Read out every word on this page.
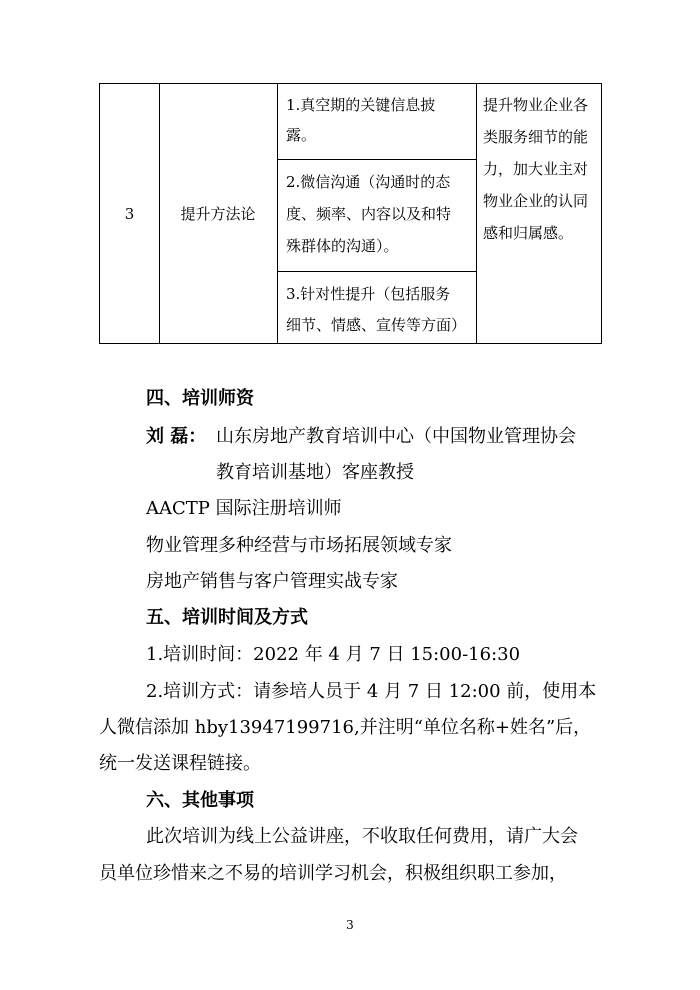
3	提升方法论
1.真空期的关键信息披
露。
2.微信沟通（沟通时的态
度、频率、内容以及和特
殊群体的沟通）。
3.针对性提升（包括服务
细节、情感、宣传等方面）
提升物业企业各
类服务细节的能
力，加大业主对
物业企业的认同
感和归属感。
四、培训师资
刘 磊： 山东房地产教育培训中心（中国物业管理协会
教育培训基地）客座教授
AACTP 国际注册培训师
物业管理多种经营与市场拓展领域专家
房地产销售与客户管理实战专家
五、培训时间及方式
1.培训时间：2022 年 4 月 7 日 15:00-16:30
2.培训方式：请参培人员于 4 月 7 日 12:00 前，使用本
人微信添加 hby13947199716,并注明“单位名称+姓名”后，
统一发送课程链接。
六、其他事项
此次培训为线上公益讲座，不收取任何费用，请广大会
员单位珍惜来之不易的培训学习机会，积极组织职工参加，
3
